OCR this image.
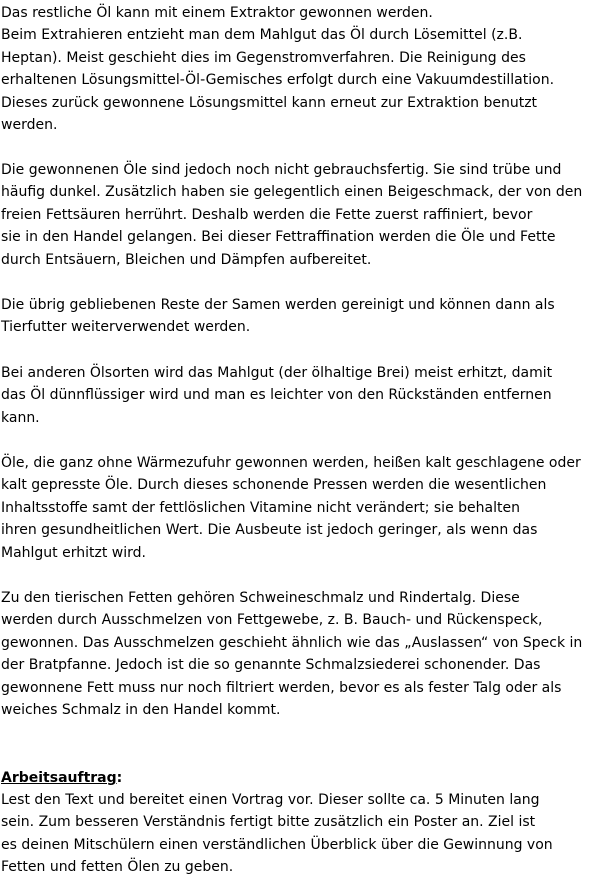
Das restliche Öl kann mit einem Extraktor gewonnen werden.
Beim Extrahieren entzieht man dem Mahlgut das Öl durch Lösemittel (z.B.
Heptan). Meist geschieht dies im Gegenstromverfahren. Die Reinigung des
erhaltenen Lösungsmittel-Öl-Gemisches erfolgt durch eine Vakuumdestillation.
Dieses zurück gewonnene Lösungsmittel kann erneut zur Extraktion benutzt
werden.

Die gewonnenen Öle sind jedoch noch nicht gebrauchsfertig. Sie sind trübe und
häufig dunkel. Zusätzlich haben sie gelegentlich einen Beigeschmack, der von den
freien Fettsäuren herrührt. Deshalb werden die Fette zuerst raffiniert, bevor
sie in den Handel gelangen. Bei dieser Fettraffination werden die Öle und Fette
durch Entsäuern, Bleichen und Dämpfen aufbereitet.

Die übrig gebliebenen Reste der Samen werden gereinigt und können dann als
Tierfutter weiterverwendet werden.

Bei anderen Ölsorten wird das Mahlgut (der ölhaltige Brei) meist erhitzt, damit
das Öl dünnflüssiger wird und man es leichter von den Rückständen entfernen
kann.

Öle, die ganz ohne Wärmezufuhr gewonnen werden, heißen kalt geschlagene oder
kalt gepresste Öle. Durch dieses schonende Pressen werden die wesentlichen
Inhaltsstoffe samt der fettlöslichen Vitamine nicht verändert; sie behalten
ihren gesundheitlichen Wert. Die Ausbeute ist jedoch geringer, als wenn das
Mahlgut erhitzt wird.

Zu den tierischen Fetten gehören Schweineschmalz und Rindertalg. Diese
werden durch Ausschmelzen von Fettgewebe, z. B. Bauch- und Rückenspeck,
gewonnen. Das Ausschmelzen geschieht ähnlich wie das „Auslassen“ von Speck in
der Bratpfanne. Jedoch ist die so genannte Schmalzsiederei schonender. Das
gewonnene Fett muss nur noch filtriert werden, bevor es als fester Talg oder als
weiches Schmalz in den Handel kommt.

Arbeitsauftrag:

Lest den Text und bereitet einen Vortrag vor. Dieser sollte ca. 5 Minuten lang
sein. Zum besseren Verständnis fertigt bitte zusätzlich ein Poster an. Ziel ist
es deinen Mitschülern einen verständlichen Überblick über die Gewinnung von
Fetten und fetten Ölen zu geben.
